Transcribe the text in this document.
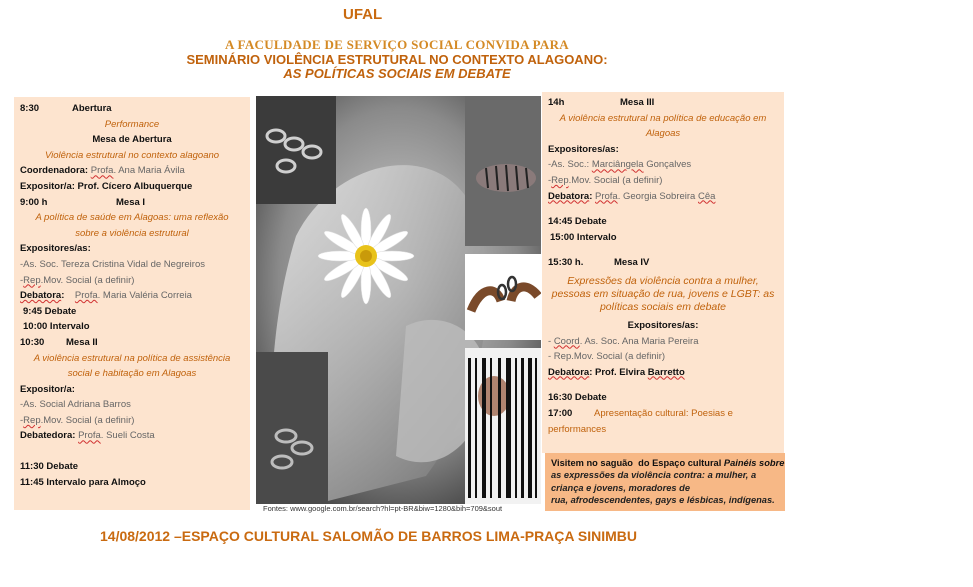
UFAL
A FACULDADE DE SERVIÇO SOCIAL CONVIDA PARA
SEMINÁRIO VIOLÊNCIA ESTRUTURAL NO CONTEXTO ALAGOANO:
AS POLÍTICAS SOCIAIS EM DEBATE
8:30	Abertura
Performance
Mesa de Abertura
Violência estrutural no contexto alagoano
Coordenadora: Profa. Ana Maria Ávila
Expositor/a: Prof. Cícero Albuquerque
9:00 h	Mesa I
A política de saúde em Alagoas: uma reflexão
sobre a violência estrutural
Expositores/as:
-As. Soc. Tereza Cristina Vidal de Negreiros
-Rep.Mov. Social (a definir)
Debatora:    Profa. Maria Valéria Correia
9:45 Debate
10:00 Intervalo
10:30 Mesa II
A violência estrutural na política de assistência
social e habitação em Alagoas
Expositor/a:
-As. Social Adriana Barros
-Rep.Mov. Social (a definir)
Debatedora: Profa. Sueli Costa
11:30 Debate
11:45 Intervalo para Almoço
14h	Mesa III
A violência estrutural na política de educação em
Alagoas
Expositores/as:
-As. Soc.: Marciângela Gonçalves
-Rep.Mov. Social (a definir)
Debatora: Profa. Georgia Sobreira Cêa
14:45 Debate
15:00 Intervalo
15:30 h.	Mesa IV
Expressões da violência contra a mulher, pessoas em situação de rua, jovens e LGBT: as políticas sociais em debate
Expositores/as:
- Coord. As. Soc. Ana Maria Pereira
- Rep.Mov. Social (a definir)
Debatora: Prof. Elvira Barretto
16:30 Debate
17:00 Apresentação cultural: Poesias e
performances
Visitem no saguão  do Espaço cultural Painéis sobre
as expressões da violência contra: a mulher, a
criança e jovens, moradores de
rua, afrodescendentes, gays e lésbicas, indígenas.
Fontes: www.google.com.br/search?hl=pt-BR&biw=1280&bih=709&sout
14/08/2012 –ESPAÇO CULTURAL SALOMÃO DE BARROS LIMA-PRAÇA SINIMBU
